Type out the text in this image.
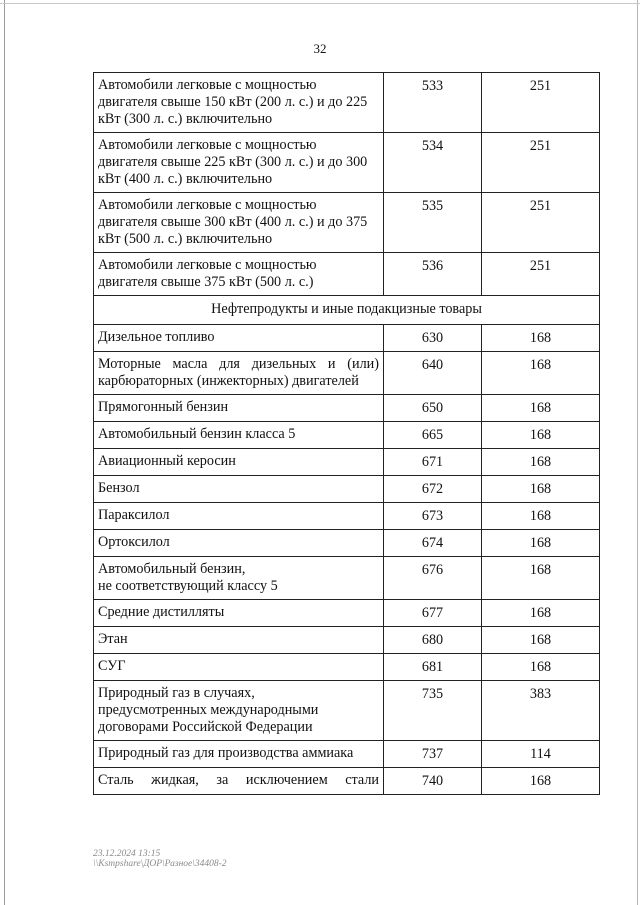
32
Автомобили легковые с мощностью двигателя свыше 150 кВт (200 л. с.) и до 225 кВт (300 л. с.) включительно	533	251
Автомобили легковые с мощностью двигателя свыше 225 кВт (300 л. с.) и до 300 кВт (400 л. с.) включительно	534	251
Автомобили легковые с мощностью двигателя свыше 300 кВт (400 л. с.) и до 375 кВт (500 л. с.) включительно	535	251
Автомобили легковые с мощностью двигателя свыше 375 кВт (500 л. с.)	536	251
Нефтепродукты и иные подакцизные товары		
Дизельное топливо	630	168
Моторные масла для дизельных и (или) карбюраторных (инжекторных) двигателей	640	168
Прямогонный бензин	650	168
Автомобильный бензин класса 5	665	168
Авиационный керосин	671	168
Бензол	672	168
Параксилол	673	168
Ортоксилол	674	168
Автомобильный бензин,
не соответствующий классу 5	676	168
Средние дистилляты	677	168
Этан	680	168
СУГ	681	168
Природный газ в случаях,
предусмотренных международными договорами Российской Федерации	735	383
Природный газ для производства аммиака	737	114
Сталь жидкая, за исключением стали	740	168
23.12.2024 13:15
\\Ksmpshare\ДОР\Разное\34408-2
